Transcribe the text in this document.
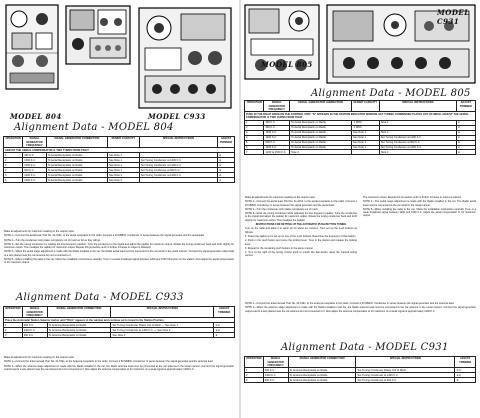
MODEL 804	MODEL C933
Alignment Data - MODEL 804
OPERATION	SIGNAL GENERATOR FREQUENCY	SIGNAL GENERATOR CONNECTION	DUMMY CAPACITY	SPECIAL INSTRUCTIONS	ADJUST TRIMMER
ADJUST THE AERIAL COMPENSATOR ② TWO TURNS FROM TIGHT					
1	460 K.C.	To Aerial Receptacle on Radio	See Note 1		①
2	1600 K.C.	To Aerial Receptacle on Radio	See Note 1	Set Tuning Condenser at 1400 K.C.	③
3	1400 K.C.	To Aerial Receptacle on Radio	See Note 1	Set Tuning Condenser at 1400 K.C.	④
4	600 K.C.	To Aerial Receptacle on Radio	See Note 1	Set Tuning Condenser at 600 K.C.	⑤
5	1400 K.C.	To Aerial Receptacle on Radio	See Note 1	Set Tuning Condenser at 1400 K.C.	④
6	1400 K.C.	To Aerial Receptacle on Radio	See Note 2		③

Make all adjustments for maximum reading on the output meter.

NOTE 1—Connect the aerial lead, Part No. 41-3191, to the aerial receptacle in the radio. Connect a 10 MMFD. Condenser in series between the signal generator and the aerial lead.

NOTE 2—Turn the condenser rotor plates completely out of mesh as far as they will go.

NOTE 3—Set the tuning condenser by rotating the low-frequency position. Tune the condenser to the signal and adjust the padder for maximum output. Rotate the tuning condenser back and forth slightly for maximum output. Then readjust the padder for maximum output. Repeat this procedure until no further increase in output is obtained.

NOTE 4—When the aerial stage adjustment is made with the Radio installed in the car, the Radio aerial lead must be connected to the car aerial in the usual manner. Connect the signal generator output lead to a wire placed near the car antenna but not connected to it.

NOTE 5—When installing the radio in the car, follow the installation instructions carefully. Tune in a weak broadcast signal between 1200 and 1500 Kilocycles on the station. Also adjust the aerial compensator ② for maximum output.

Alignment Data - MODEL C933
OPERATION	SIGNAL GENERATOR FREQUENCY	SIGNAL GENERATOR CONNECTION	SPECIAL INSTRUCTIONS	ADJUST TRIMMER
Press the Automatic Station Selector button until "DIAL" appears in the window and continue set to tuned to the Station Position.				
1	460 K.C.	To Antenna Receptacle on Radio	Set Tuning Condenser Plates Out of Mesh — See Note 1	①②
2	1400 K.C.	To Antenna Receptacle on Radio	Set Tuning Condenser at 1400 K.C. — See Note 2	③④
3	600 K.C.	To Antenna Receptacle on Radio	See Note 3	⑤

Make all adjustments for maximum reading on the output meter.

NOTE 1—Connect the antenna lead, Part No. 41-3191, to the Antenna receptacle in the radio. Connect a 50 MMFD. Condenser in series between the signal generator and the antenna lead.

NOTE 2—When the antenna stage adjustment is made with the Radio installed in the car, the Radio antenna lead must be connected to the car antenna in the usual manner. Connect the signal generator output lead to a wire placed near the car antenna but not connected to it. Also adjust the antenna compensator ⑥ for maximum on a weak signal at approximately 1400 K.C.

MODEL 805
MODEL C931
Alignment Data - MODEL 805
OPERATION	SIGNAL GENERATOR FREQUENCY	SIGNAL GENERATOR CONNECTION	DUMMY CAPACITY	SPECIAL INSTRUCTIONS	ADJUST TRIMMER
PUSH IN THE RIGHT KNOB ON THE CONTROL UNIT; "D" APPEARS IN THE STATION INDICATOR WINDOW. SET TUNING CONDENSER PLATES OUT OF MESH. ADJUST THE AERIAL COMPENSATOR ② TWO TURNS FROM TIGHT					
1	460 K.C.	To Aerial Receptacle on Radio	.1 MFD.	Note 2	①
2	460 K.C.	To Aerial Receptacle on Radio	.1 MFD.		②
3	1600 K.C.	To Aerial Receptacle on Radio	See Note 1	Note 2	③
4	1400 K.C.	To Aerial Receptacle on Radio	See Note 1	Set Tuning Condenser at 1400 K.C.	④
5	600 K.C.	To Aerial Receptacle on Radio	See Note 1	Set Tuning Condenser at 600 K.C.	⑤
6	1400 K.C.	To Aerial Receptacle on Radio	See Note 1	Set Tuning Condenser at 1400 K.C.	④
7	1200 to 1500 K.C.	Note 3		Note 4	②

Make all adjustments for maximum reading on the output meter.

NOTE 1—Connect the aerial lead, Part No. 41-3191, to the aerial receptacle on the radio. Connect a 10 MMFD. Condenser in series between the signal generator and the aerial lead.

NOTE 2—Turn the condenser rotor plates completely out of mesh.

NOTE 3—Rock the tuning condenser while adjusting the low frequency padder. Tune the condenser to the signal and adjust the padder for maximum output. Rotate the tuning condenser back and forth slightly for maximum output. Then readjust the padder.

INSTRUCTIONS FOR SETTING UP THE AUTOMATIC PUSH-BUTTON TUNING

Turn on the radio and allow it to warm up for about ten minutes. Then set up the push buttons as follows:

1. Select the station to be set up on one of the push buttons. Determine the frequency of that station.

2. Push in the push button and press the locking lever. Tune in the station and release the locking lever.

3. Repeat for the remaining push buttons in the same manner.

4. Turn to the right of the tuning control knob to unlock the dial before using the manual tuning control.

The maximum output. Repeat this procedure until no further increase in output is noticed.

NOTE 4—The aerial stage adjustment is made with the Radio installed in the car. The Radio aerial lead must be connected to the car aerial in the usual manner.

NOTE 5—When installing the radio in the car, follow the installation instructions carefully. Tune in a weak broadcast signal between 1200 and 1500 K.C. Adjust the aerial compensator ② for maximum output.

NOTE 1—Connect the antenna lead, Part No. 41-3191, to the antenna receptacle in the radio. Connect a 50 MMFD. Condenser in series between the signal generator and the antenna lead.

NOTE 2—When the antenna stage adjustment is made with the Radio installed in the car, the Radio antenna lead must be connected to the car antenna in the usual manner. Connect the signal generator output lead to a wire placed near the car antenna but not connected to it. Also adjust the antenna compensator ⑥ for maximum on a weak signal at approximately 1400 K.C.

Alignment Data - MODEL C931
OPERATION	SIGNAL GENERATOR FREQUENCY	SIGNAL GENERATOR CONNECTION	SPECIAL INSTRUCTIONS	ADJUST TRIMMER
1	460 K.C.	To Antenna Receptacle on Radio	Set Tuning Condenser Plates Out of Mesh	①②
2	1400 K.C.	To Antenna Receptacle on Radio	Set Tuning Condenser at 1400 K.C.	③④
3	600 K.C.	To Antenna Receptacle on Radio	Set Tuning Condenser at 600 K.C.	⑤
